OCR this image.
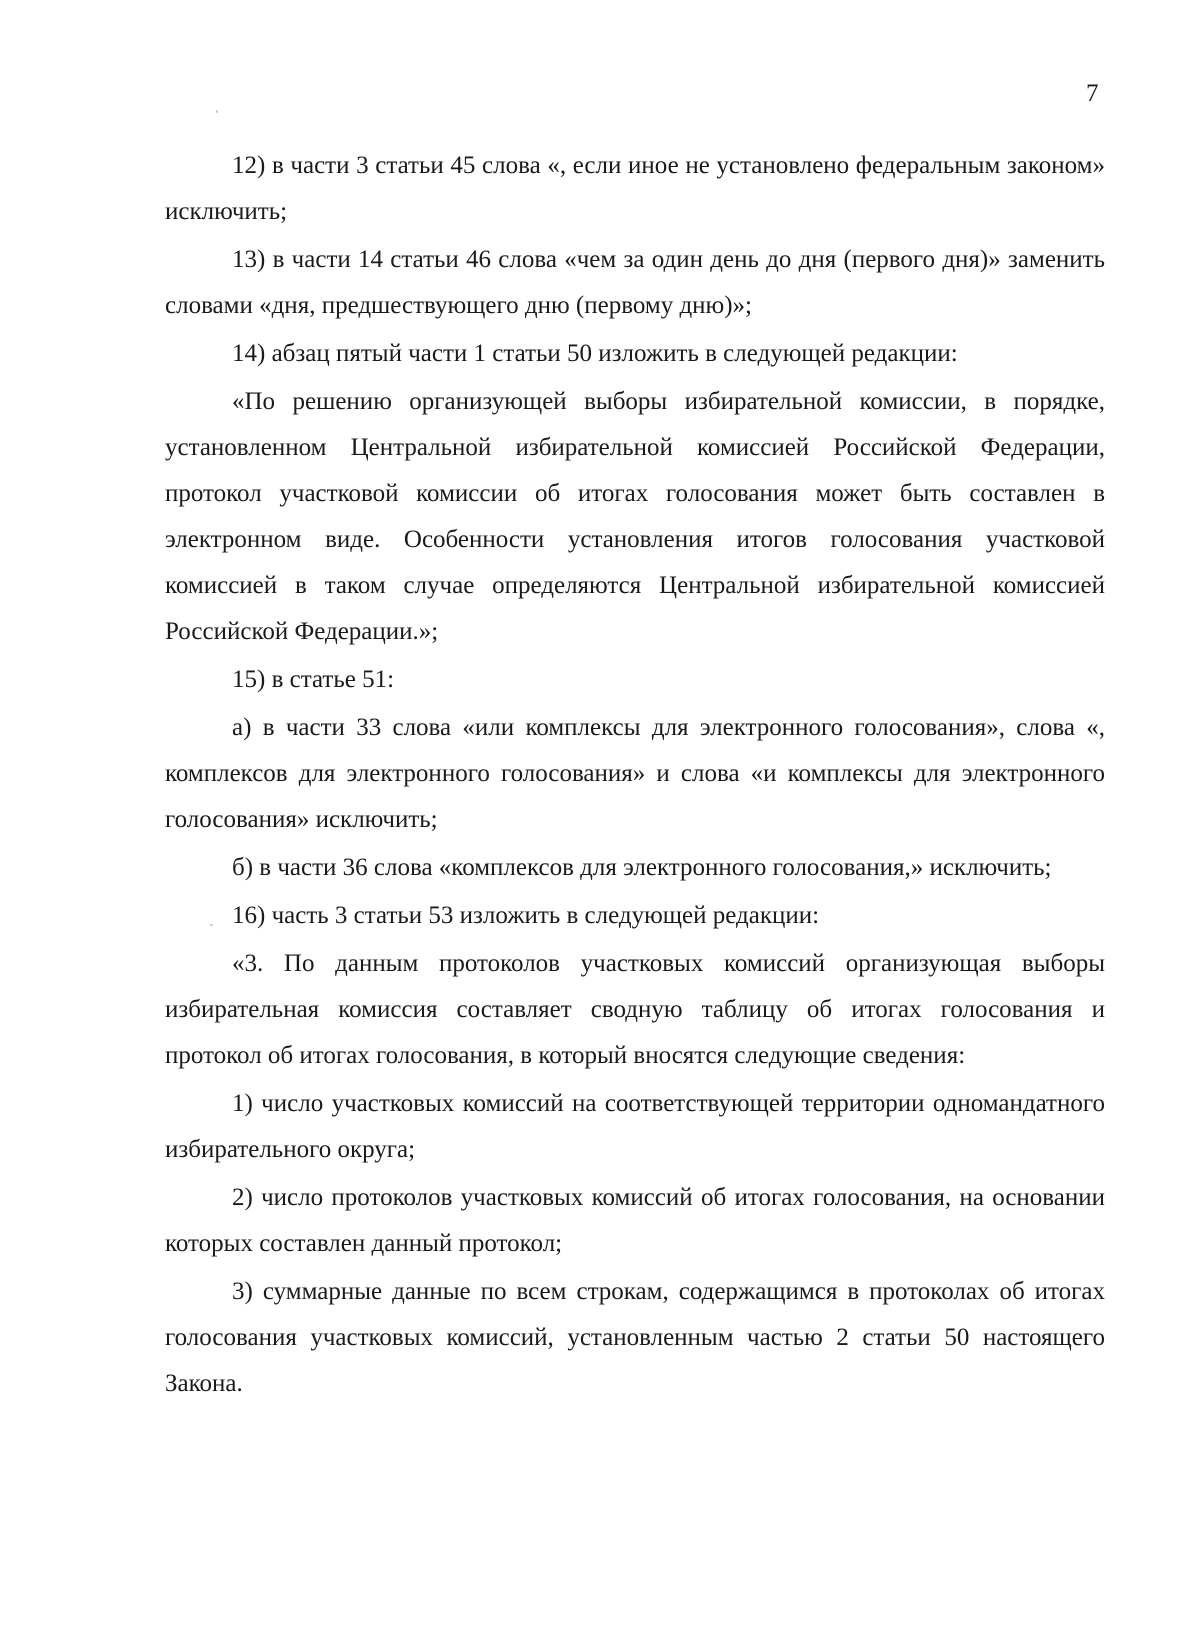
7

12) в части 3 статьи 45 слова «, если иное не установлено федеральным законом» исключить;

13) в части 14 статьи 46 слова «чем за один день до дня (первого дня)» заменить словами «дня, предшествующего дню (первому дню)»;

14) абзац пятый части 1 статьи 50 изложить в следующей редакции:

«По решению организующей выборы избирательной комиссии, в порядке, установленном Центральной избирательной комиссией Российской Федерации, протокол участковой комиссии об итогах голосования может быть составлен в электронном виде. Особенности установления итогов голосования участковой комиссией в таком случае определяются Центральной избирательной комиссией Российской Федерации.»;

15) в статье 51:

а) в части 33 слова «или комплексы для электронного голосования», слова «, комплексов для электронного голосования» и слова «и комплексы для электронного голосования» исключить;

б) в части 36 слова «комплексов для электронного голосования,» исключить;

16) часть 3 статьи 53 изложить в следующей редакции:

«3. По данным протоколов участковых комиссий организующая выборы избирательная комиссия составляет сводную таблицу об итогах голосования и протокол об итогах голосования, в который вносятся следующие сведения:

1) число участковых комиссий на соответствующей территории одномандатного избирательного округа;

2) число протоколов участковых комиссий об итогах голосования, на основании которых составлен данный протокол;

3) суммарные данные по всем строкам, содержащимся в протоколах об итогах голосования участковых комиссий, установленным частью 2 статьи 50 настоящего Закона.
